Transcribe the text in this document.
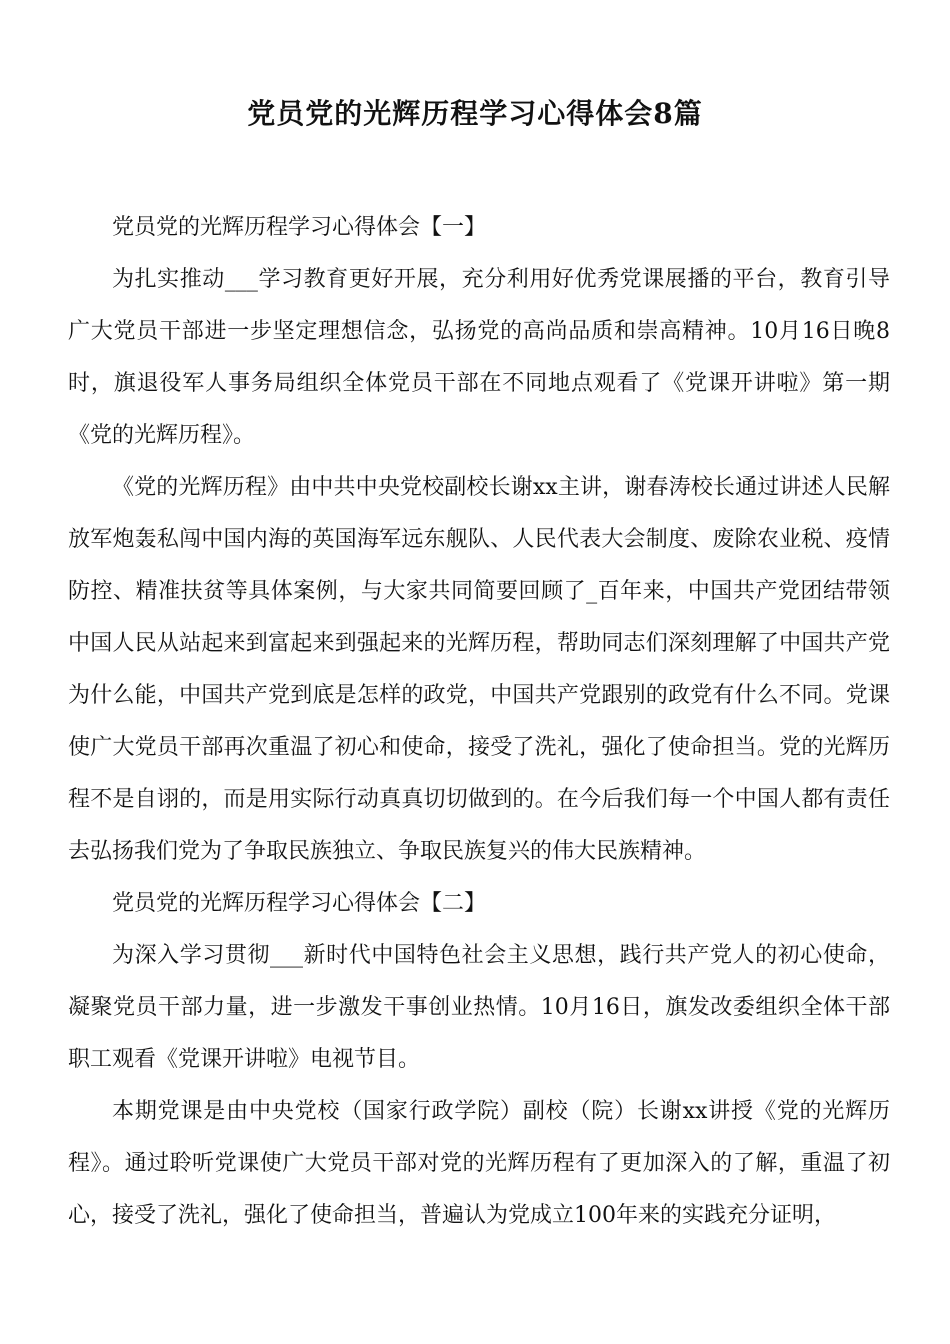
党员党的光辉历程学习心得体会8篇

党员党的光辉历程学习心得体会【一】

为扎实推动___学习教育更好开展，充分利用好优秀党课展播的平台，教育引导广大党员干部进一步坚定理想信念，弘扬党的高尚品质和崇高精神。10月16日晚8时，旗退役军人事务局组织全体党员干部在不同地点观看了《党课开讲啦》第一期《党的光辉历程》。

《党的光辉历程》由中共中央党校副校长谢xx主讲，谢春涛校长通过讲述人民解放军炮轰私闯中国内海的英国海军远东舰队、人民代表大会制度、废除农业税、疫情防控、精准扶贫等具体案例，与大家共同简要回顾了_百年来，中国共产党团结带领中国人民从站起来到富起来到强起来的光辉历程，帮助同志们深刻理解了中国共产党为什么能，中国共产党到底是怎样的政党，中国共产党跟别的政党有什么不同。党课使广大党员干部再次重温了初心和使命，接受了洗礼，强化了使命担当。党的光辉历程不是自诩的，而是用实际行动真真切切做到的。在今后我们每一个中国人都有责任去弘扬我们党为了争取民族独立、争取民族复兴的伟大民族精神。

党员党的光辉历程学习心得体会【二】

为深入学习贯彻___新时代中国特色社会主义思想，践行共产党人的初心使命，凝聚党员干部力量，进一步激发干事创业热情。10月16日，旗发改委组织全体干部职工观看《党课开讲啦》电视节目。

本期党课是由中央党校（国家行政学院）副校（院）长谢xx讲授《党的光辉历程》。通过聆听党课使广大党员干部对党的光辉历程有了更加深入的了解，重温了初心，接受了洗礼，强化了使命担当，普遍认为党成立100年来的实践充分证明，
